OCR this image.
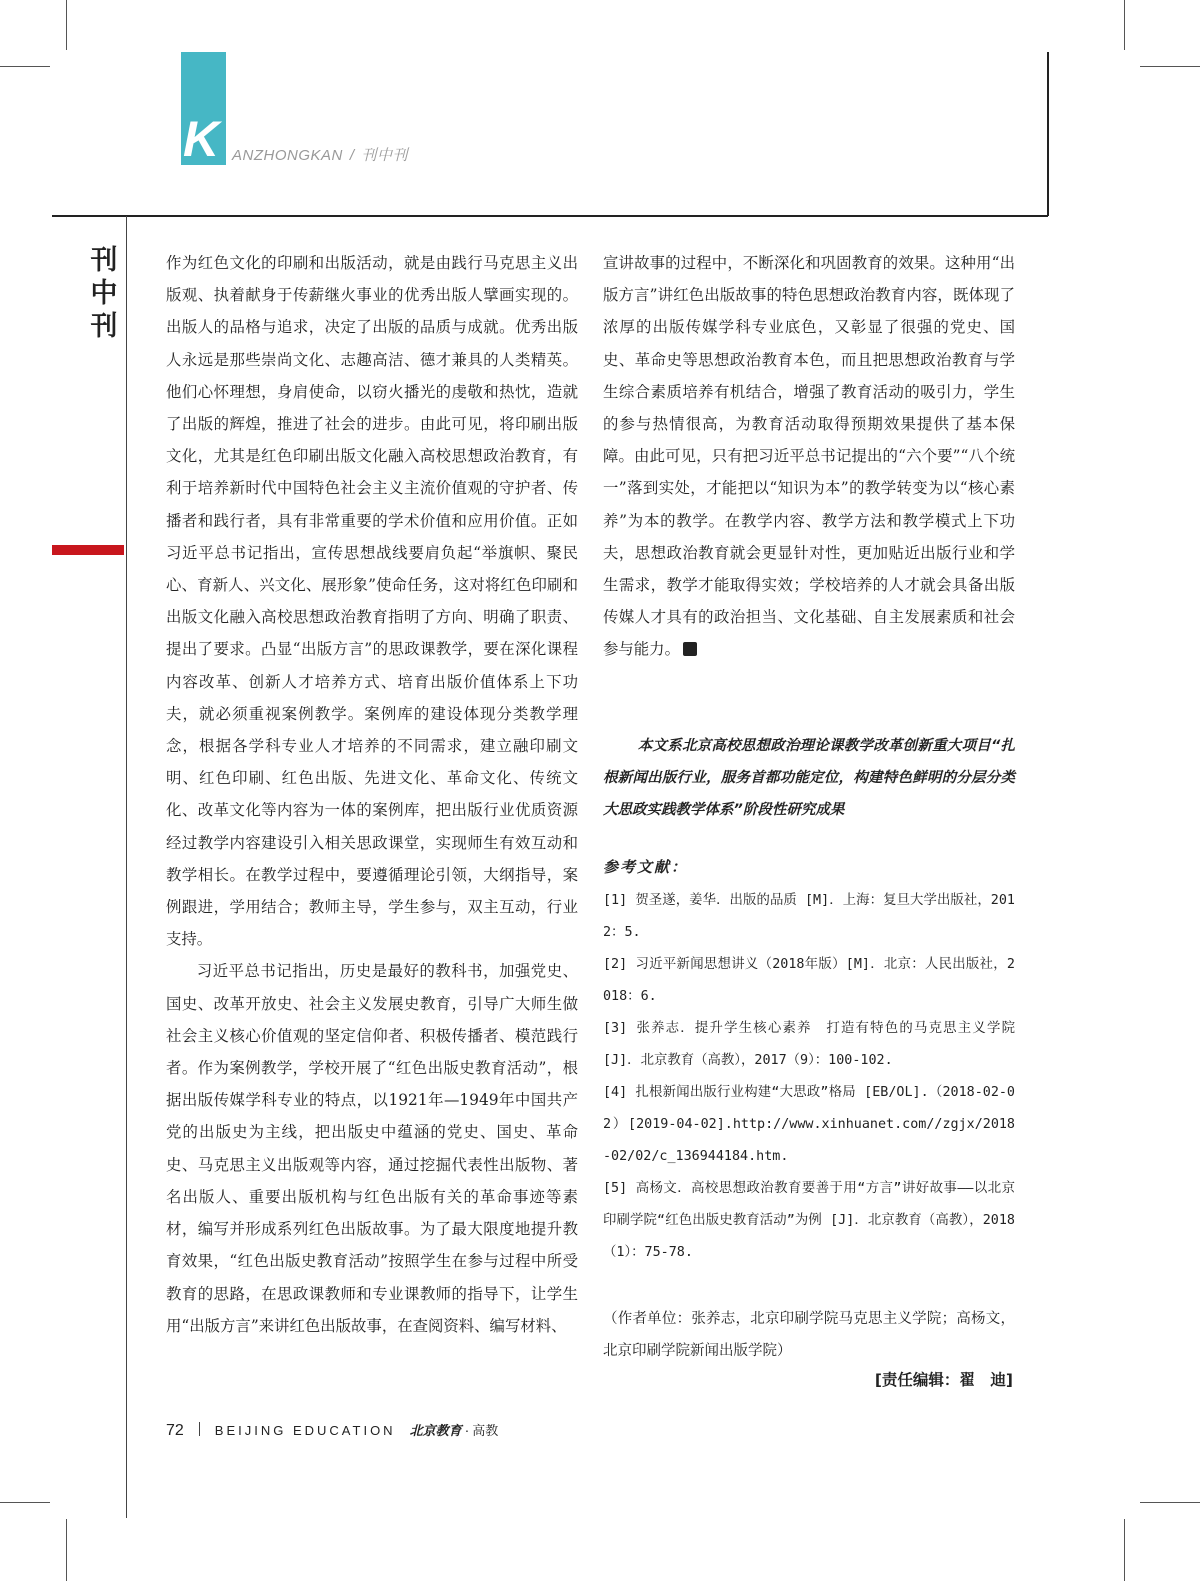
K ANZHONGKAN / 刊中刊
刊中刊

作为红色文化的印刷和出版活动，就是由践行马克思主义出版观、执着献身于传薪继火事业的优秀出版人擘画实现的。出版人的品格与追求，决定了出版的品质与成就。优秀出版人永远是那些崇尚文化、志趣高洁、德才兼具的人类精英。他们心怀理想，身肩使命，以窃火播光的虔敬和热忱，造就了出版的辉煌，推进了社会的进步。由此可见，将印刷出版文化，尤其是红色印刷出版文化融入高校思想政治教育，有利于培养新时代中国特色社会主义主流价值观的守护者、传播者和践行者，具有非常重要的学术价值和应用价值。正如习近平总书记指出，宣传思想战线要肩负起“举旗帜、聚民心、育新人、兴文化、展形象”使命任务，这对将红色印刷和出版文化融入高校思想政治教育指明了方向、明确了职责、提出了要求。凸显“出版方言”的思政课教学，要在深化课程内容改革、创新人才培养方式、培育出版价值体系上下功夫，就必须重视案例教学。案例库的建设体现分类教学理念，根据各学科专业人才培养的不同需求，建立融印刷文明、红色印刷、红色出版、先进文化、革命文化、传统文化、改革文化等内容为一体的案例库，把出版行业优质资源经过教学内容建设引入相关思政课堂，实现师生有效互动和教学相长。在教学过程中，要遵循理论引领，大纲指导，案例跟进，学用结合；教师主导，学生参与，双主互动，行业支持。

习近平总书记指出，历史是最好的教科书，加强党史、国史、改革开放史、社会主义发展史教育，引导广大师生做社会主义核心价值观的坚定信仰者、积极传播者、模范践行者。作为案例教学，学校开展了“红色出版史教育活动”，根据出版传媒学科专业的特点，以1921年—1949年中国共产党的出版史为主线，把出版史中蕴涵的党史、国史、革命史、马克思主义出版观等内容，通过挖掘代表性出版物、著名出版人、重要出版机构与红色出版有关的革命事迹等素材，编写并形成系列红色出版故事。为了最大限度地提升教育效果，“红色出版史教育活动”按照学生在参与过程中所受教育的思路，在思政课教师和专业课教师的指导下，让学生用“出版方言”来讲红色出版故事，在查阅资料、编写材料、

宣讲故事的过程中，不断深化和巩固教育的效果。这种用“出版方言”讲红色出版故事的特色思想政治教育内容，既体现了浓厚的出版传媒学科专业底色，又彰显了很强的党史、国史、革命史等思想政治教育本色，而且把思想政治教育与学生综合素质培养有机结合，增强了教育活动的吸引力，学生的参与热情很高，为教育活动取得预期效果提供了基本保障。由此可见，只有把习近平总书记提出的“六个要”“八个统一”落到实处，才能把以“知识为本”的教学转变为以“核心素养”为本的教学。在教学内容、教学方法和教学模式上下功夫，思想政治教育就会更显针对性，更加贴近出版行业和学生需求，教学才能取得实效；学校培养的人才就会具备出版传媒人才具有的政治担当、文化基础、自主发展素质和社会参与能力。

本文系北京高校思想政治理论课教学改革创新重大项目“扎根新闻出版行业，服务首都功能定位，构建特色鲜明的分层分类大思政实践教学体系”阶段性研究成果
参考文献：

[1] 贺圣遂，姜华．出版的品质 [M]．上海：复旦大学出版社，2012：5.

[2] 习近平新闻思想讲义（2018年版）[M]．北京：人民出版社，2018：6.

[3] 张养志．提升学生核心素养　打造有特色的马克思主义学院 [J]．北京教育（高教），2017（9）：100-102.

[4] 扎根新闻出版行业构建“大思政”格局 [EB/OL].（2018-02-02）[2019-04-02].http://www.xinhuanet.com//zgjx/2018-02/02/c_136944184.htm.

[5] 高杨文．高校思想政治教育要善于用“方言”讲好故事——以北京印刷学院“红色出版史教育活动”为例 [J]．北京教育（高教），2018（1）：75-78.

（作者单位：张养志，北京印刷学院马克思主义学院；高杨文，北京印刷学院新闻出版学院）
[责任编辑：翟　迪]
72 BEIJING EDUCATION 北京教育 · 高教
